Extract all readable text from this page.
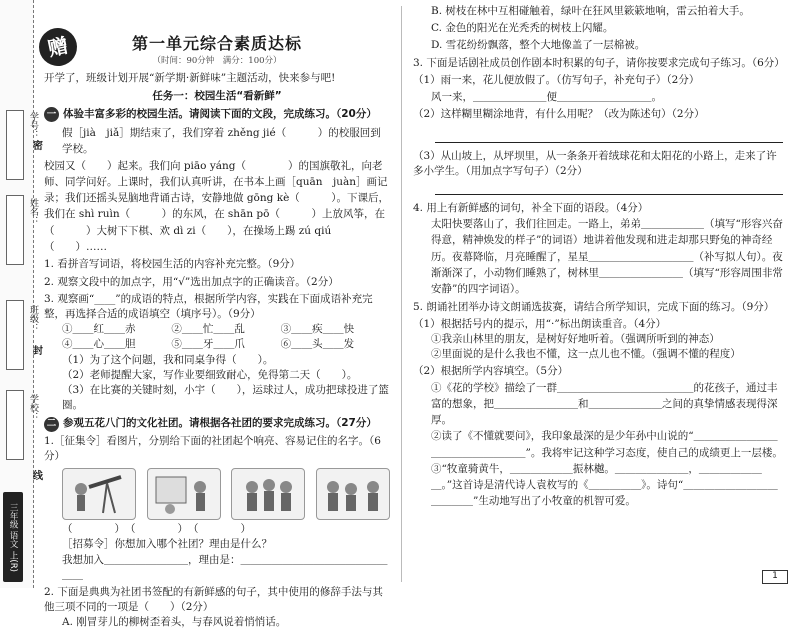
学号：
姓名：
班级：
学校：
密
封
线
三年级 语文 上(R)
赠	第一单元综合素质达标
（时间：90分钟　满分：100分）
开学了，班级计划开展“新学期·新鲜味”主题活动，快来参与吧!
任务一：校园生活“看新鲜”
一 体验丰富多彩的校园生活。请阅读下面的文段，完成练习。（20分）
假［jià　jiǎ］期结束了，我们穿着 zhěng jié（　　　）的校服回到学校。
校园又（　　）起来。我们向 piāo yáng（　　　　）的国旗敬礼，向老师、同学问好。上课时，我们认真听讲，在书本上画［quān　juàn］画记录；我们还摇头晃脑地背诵古诗，安静地做 gōng kè（　　　）。下课后，我们在 shì ruìn（　　　）的东风，在 shān pō（　　　）上放风筝，在（　　　）大树下下棋、欢 dì zi（　　），在操场上踢 zú qiú（　　）……
1. 看拼音写词语，将校园生活的内容补充完整。（9分）
2. 观察文段中的加点字，用“√”选出加点字的正确读音。（2分）
3. 观察画“____”的成语的特点，根据所学内容，实践在下面成语补充完整，再选择合适的成语填空（填序号）。（9分）
①＿＿红＿＿赤	②＿＿忙＿＿乱	③＿＿疾＿＿快
④＿＿心＿＿胆	⑤＿＿牙＿＿爪	⑥＿＿头＿＿发
（1）为了这个问题，我和同桌争得（　　）。
（2）老师提醒大家，写作业要细致耐心，免得第二天（　　）。
（3）在比赛的关键时刻，小宇（　　），运球过人，成功把球投进了篮圈。
二 参观五花八门的文化社团。请根据各社团的要求完成练习。（27分）
1.［征集令］看图片，分别给下面的社团起个响亮、容易记住的名字。（6分）
（　　　　）　（　　　　）　（　　　　）
［招募令］你想加入哪个社团？理由是什么？
我想加入＿＿＿＿＿＿＿＿，理由是：＿＿＿＿＿＿＿＿＿＿＿＿＿＿＿＿
2. 下面是典典为社团书签配的有新鲜感的句子，其中使用的修辞手法与其他三项不同的一项是（　　）（2分）
A. 刚冒芽儿的柳树歪着头，与春风说着悄悄话。
B. 树枝在林中互相碰触着，绿叶在狂风里簌簌地响，雷云拍着大手。
C. 金色的阳光在光秃秃的树枝上闪耀。
D. 雪花纷纷飘落，整个大地像盖了一层棉被。
3. 下面是话剧社成员创作剧本时积累的句子，请你按要求完成句子练习。（6分）
（1）雨一来，花儿便放假了。（仿写句子，补充句子）（2分）
风一来，＿＿＿＿＿＿＿便＿＿＿＿＿＿＿＿＿。
（2）这样糊里糊涂地背，有什么用呢？（改为陈述句）（2分）
（3）从山坡上，从坪坝里，从一条条开着绒球花和太阳花的小路上，走来了许多小学生。（用加点字写句子）（2分）
4. 用上有新鲜感的词句，补全下面的语段。（4分）
太阳快要落山了，我们往回走。一路上，弟弟＿＿＿＿＿＿（填写“形容兴奋得意，精神焕发的样子”的词语）地讲着他发现和进走却那只野兔的神奇经历。夜幕降临，月亮睡醒了，星星＿＿＿＿＿＿＿＿＿＿（补写拟人句）。夜渐渐深了，小动物们睡熟了，树林里＿＿＿＿＿＿＿＿（填写“形容周围非常安静”的四字词语）。
5. 朗诵社团举办诗文朗诵选拔赛，请结合所学知识，完成下面的练习。（9分）
（1）根据括号内的提示，用“·”标出朗读重音。（4分）
①我亲山林里的朋友，是树好好地听着。（强调所听到的神态）
②里面说的是什么我也不懂，这一点儿也不懂。（强调不懂的程度）
（2）根据所学内容填空。（5分）
①《花的学校》描绘了一群＿＿＿＿＿＿＿＿＿＿＿＿＿的花孩子，通过丰富的想象，把＿＿＿＿＿＿＿＿和＿＿＿＿＿＿＿之间的真挚情感表现得深厚。
②读了《不懂就要问》，我印象最深的是少年孙中山说的“＿＿＿＿＿＿＿＿＿＿＿＿＿＿＿＿＿”。我将牢记这种学习态度，使自己的成绩更上一层楼。
③“牧童骑黄牛，＿＿＿＿＿＿振林樾。＿＿＿＿＿＿＿，＿＿＿＿＿＿＿。”这首诗是清代诗人袁枚写的《＿＿＿＿＿》。诗句“＿＿＿＿＿＿＿＿＿＿＿＿＿”生动地写出了小牧童的机智可爱。
1
